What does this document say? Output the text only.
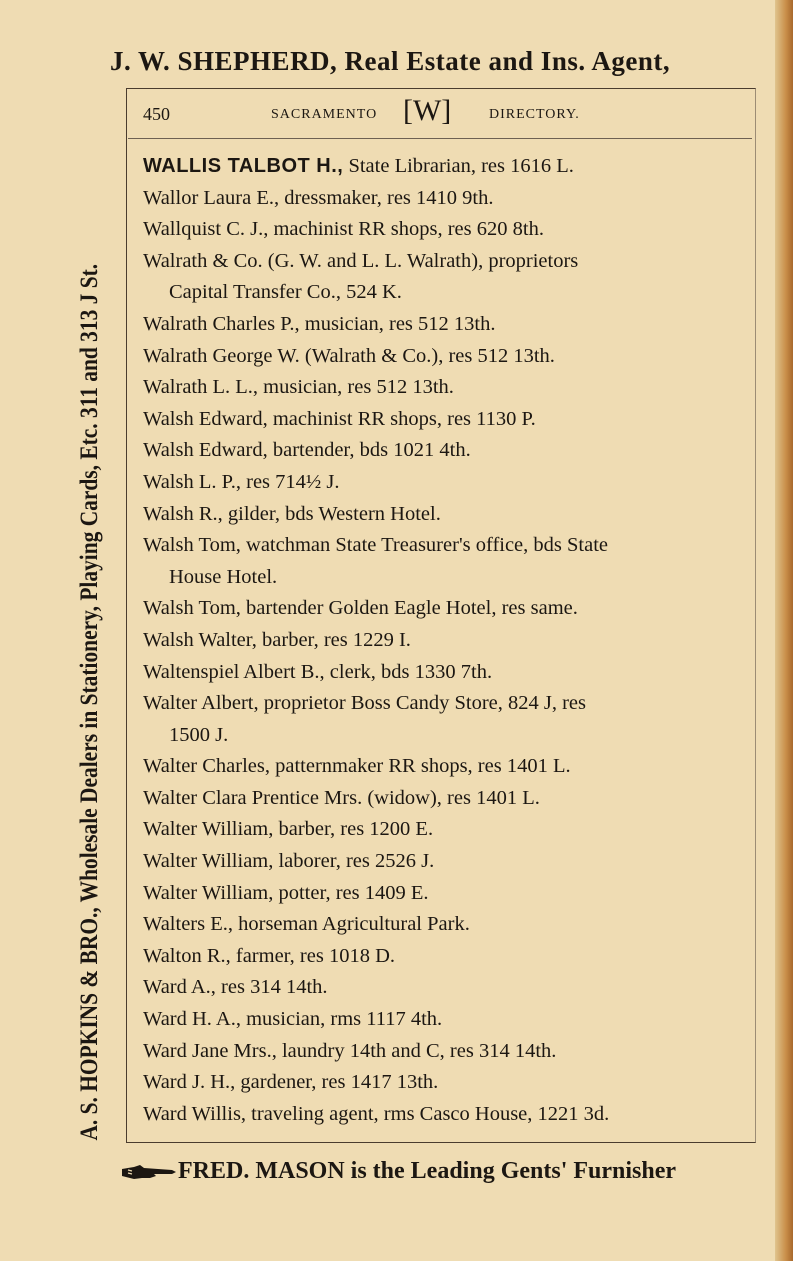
J. W. SHEPHERD, Real Estate and Ins. Agent,
A. S. HOPKINS & BRO., Wholesale Dealers in Stationery, Playing Cards, Etc. 311 and 313 J St.
450	SACRAMENTO [W]	DIRECTORY.
WALLIS TALBOT H., State Librarian, res 1616 L.
Wallor Laura E., dressmaker, res 1410 9th.
Wallquist C. J., machinist RR shops, res 620 8th.
Walrath & Co. (G. W. and L. L. Walrath), proprietors
Capital Transfer Co., 524 K.
Walrath Charles P., musician, res 512 13th.
Walrath George W. (Walrath & Co.), res 512 13th.
Walrath L. L., musician, res 512 13th.
Walsh Edward, machinist RR shops, res 1130 P.
Walsh Edward, bartender, bds 1021 4th.
Walsh L. P., res 714½ J.
Walsh R., gilder, bds Western Hotel.
Walsh Tom, watchman State Treasurer's office, bds State
House Hotel.
Walsh Tom, bartender Golden Eagle Hotel, res same.
Walsh Walter, barber, res 1229 I.
Waltenspiel Albert B., clerk, bds 1330 7th.
Walter Albert, proprietor Boss Candy Store, 824 J, res
1500 J.
Walter Charles, patternmaker RR shops, res 1401 L.
Walter Clara Prentice Mrs. (widow), res 1401 L.
Walter William, barber, res 1200 E.
Walter William, laborer, res 2526 J.
Walter William, potter, res 1409 E.
Walters E., horseman Agricultural Park.
Walton R., farmer, res 1018 D.
Ward A., res 314 14th.
Ward H. A., musician, rms 1117 4th.
Ward Jane Mrs., laundry 14th and C, res 314 14th.
Ward J. H., gardener, res 1417 13th.
Ward Willis, traveling agent, rms Casco House, 1221 3d.
FRED. MASON is the Leading Gents' Furnisher
